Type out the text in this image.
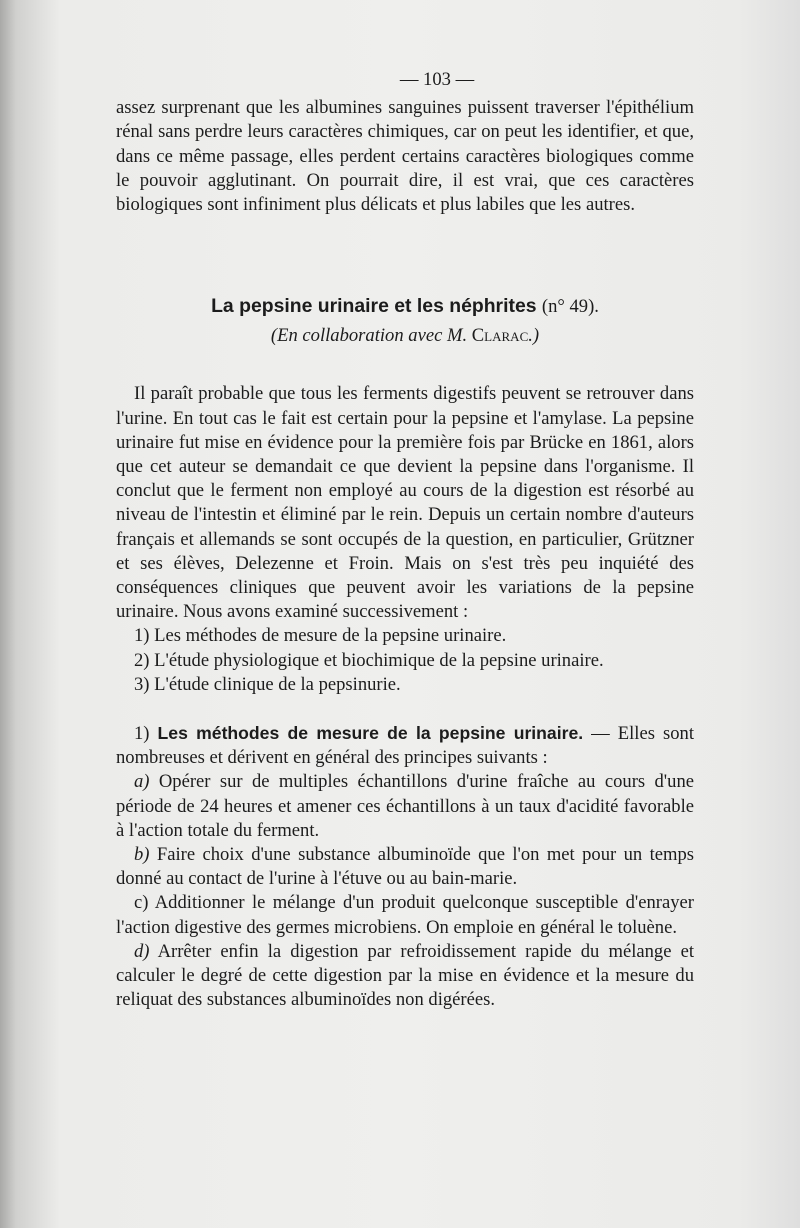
— 103 —

assez surprenant que les albumines sanguines puissent traverser l'épithélium rénal sans perdre leurs caractères chimiques, car on peut les identifier, et que, dans ce même passage, elles perdent certains caractères biologiques comme le pouvoir agglutinant. On pourrait dire, il est vrai, que ces caractères biologiques sont infiniment plus délicats et plus labiles que les autres.

La pepsine urinaire et les néphrites (n° 49).
(En collaboration avec M. Clarac.)

Il paraît probable que tous les ferments digestifs peuvent se retrouver dans l'urine. En tout cas le fait est certain pour la pepsine et l'amylase. La pepsine urinaire fut mise en évidence pour la première fois par Brücke en 1861, alors que cet auteur se demandait ce que devient la pepsine dans l'organisme. Il conclut que le ferment non employé au cours de la digestion est résorbé au niveau de l'intestin et éliminé par le rein. Depuis un certain nombre d'auteurs français et allemands se sont occupés de la question, en particulier, Grützner et ses élèves, Delezenne et Froin. Mais on s'est très peu inquiété des conséquences cliniques que peuvent avoir les variations de la pepsine urinaire. Nous avons examiné successivement :

1) Les méthodes de mesure de la pepsine urinaire.
2) L'étude physiologique et biochimique de la pepsine urinaire.
3) L'étude clinique de la pepsinurie.

1) Les méthodes de mesure de la pepsine urinaire. — Elles sont nombreuses et dérivent en général des principes suivants :

a) Opérer sur de multiples échantillons d'urine fraîche au cours d'une période de 24 heures et amener ces échantillons à un taux d'acidité favorable à l'action totale du ferment.

b) Faire choix d'une substance albuminoïde que l'on met pour un temps donné au contact de l'urine à l'étuve ou au bain-marie.

c) Additionner le mélange d'un produit quelconque susceptible d'enrayer l'action digestive des germes microbiens. On emploie en général le toluène.

d) Arrêter enfin la digestion par refroidissement rapide du mélange et calculer le degré de cette digestion par la mise en évidence et la mesure du reliquat des substances albuminoïdes non digérées.
